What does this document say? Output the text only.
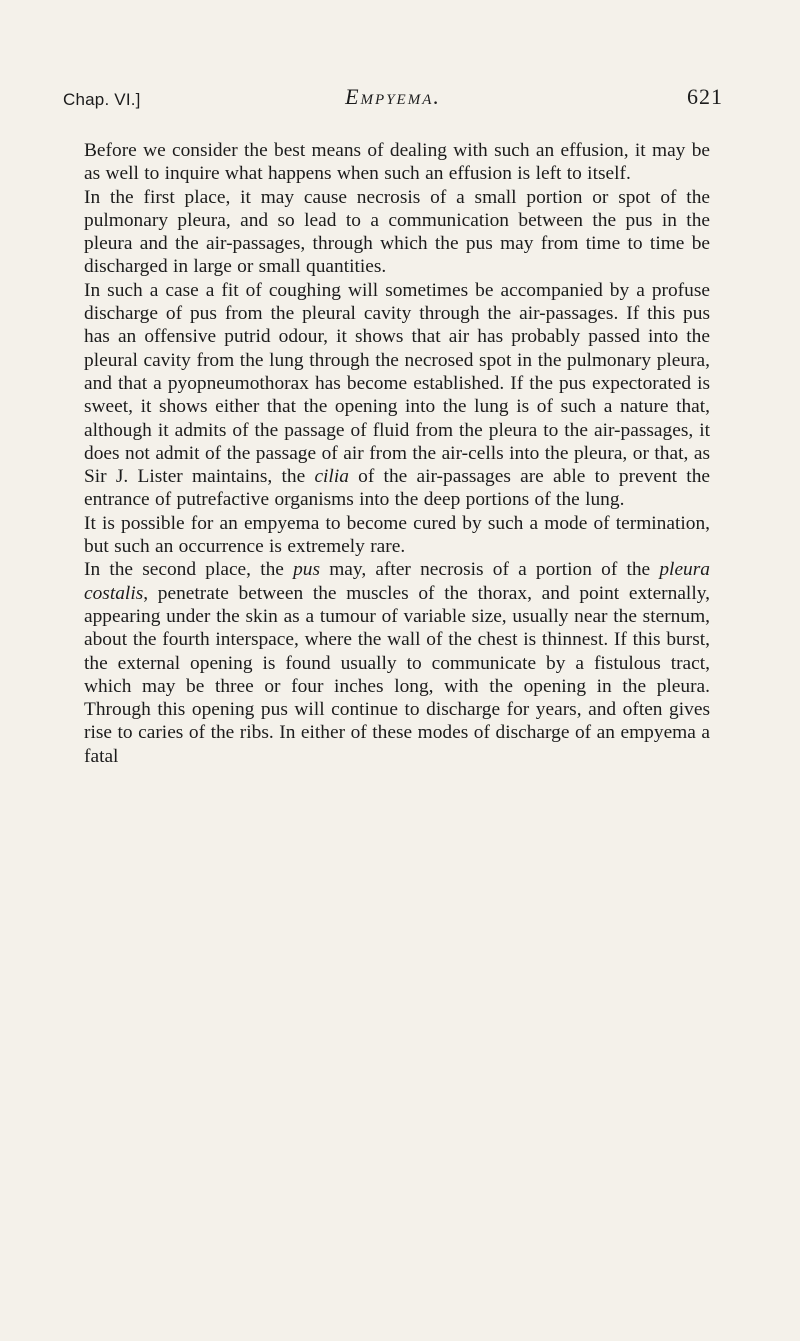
Chap. VI.]	Empyema.	621

Before we consider the best means of dealing with such an effusion, it may be as well to inquire what happens when such an effusion is left to itself.

In the first place, it may cause necrosis of a small portion or spot of the pulmonary pleura, and so lead to a communication between the pus in the pleura and the air-passages, through which the pus may from time to time be discharged in large or small quantities.

In such a case a fit of coughing will sometimes be accompanied by a profuse discharge of pus from the pleural cavity through the air-passages. If this pus has an offensive putrid odour, it shows that air has probably passed into the pleural cavity from the lung through the necrosed spot in the pulmonary pleura, and that a pyopneumothorax has become established. If the pus expectorated is sweet, it shows either that the opening into the lung is of such a nature that, although it admits of the passage of fluid from the pleura to the air-passages, it does not admit of the passage of air from the air-cells into the pleura, or that, as Sir J. Lister maintains, the cilia of the air-passages are able to prevent the entrance of putrefactive organisms into the deep portions of the lung.

It is possible for an empyema to become cured by such a mode of termination, but such an occurrence is extremely rare.

In the second place, the pus may, after necrosis of a portion of the pleura costalis, penetrate between the muscles of the thorax, and point externally, appearing under the skin as a tumour of variable size, usually near the sternum, about the fourth interspace, where the wall of the chest is thinnest. If this burst, the external opening is found usually to communicate by a fistulous tract, which may be three or four inches long, with the opening in the pleura. Through this opening pus will continue to discharge for years, and often gives rise to caries of the ribs. In either of these modes of discharge of an empyema a fatal
